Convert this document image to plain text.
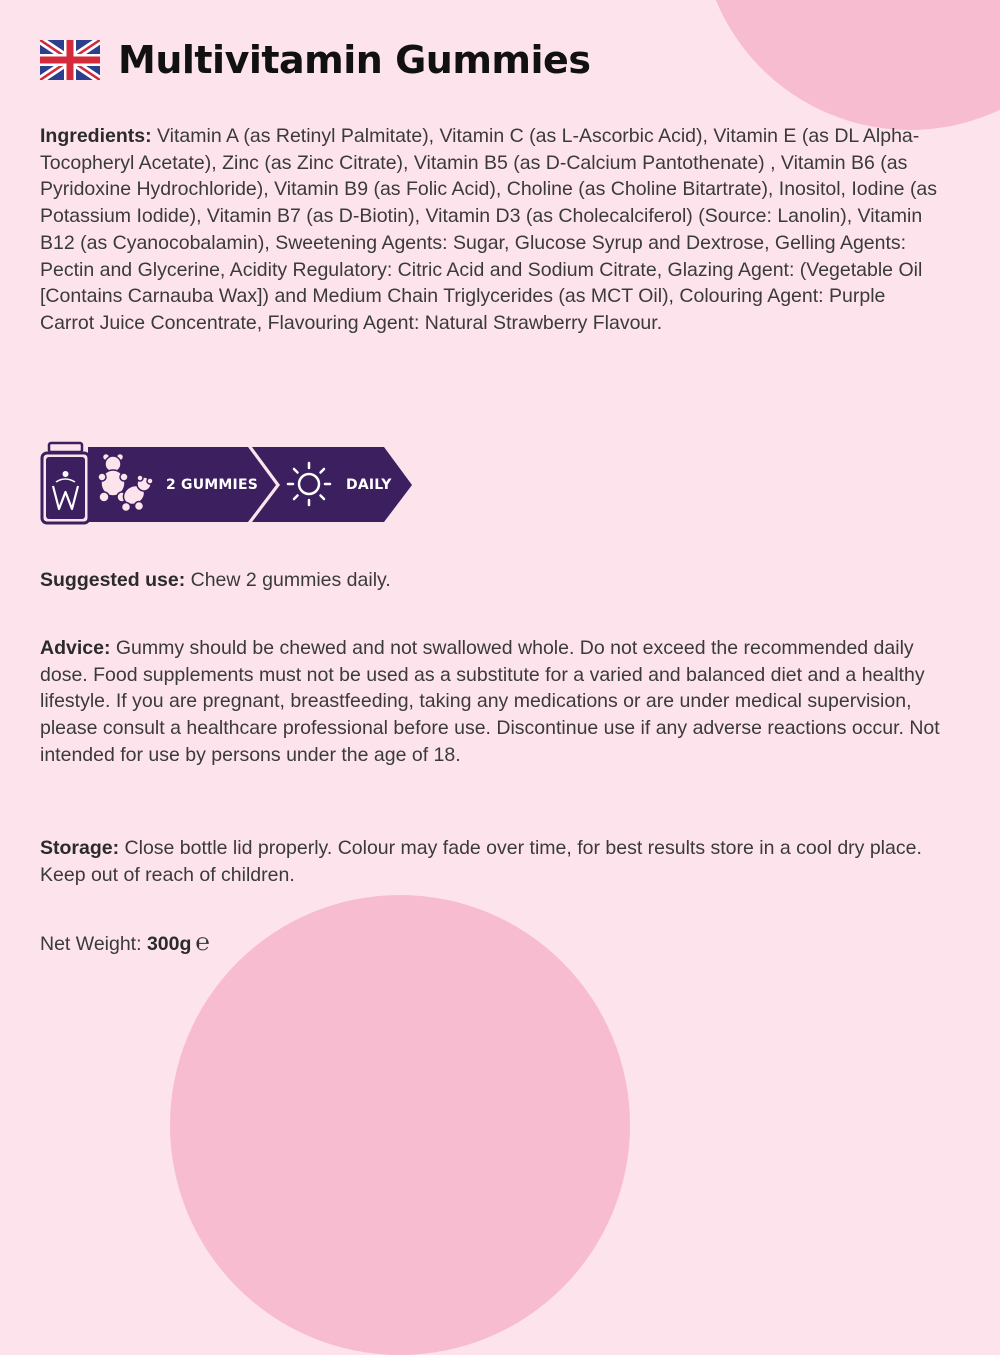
Multivitamin Gummies

Ingredients: Vitamin A (as Retinyl Palmitate), Vitamin C (as L-Ascorbic Acid), Vitamin E (as DL Alpha-Tocopheryl Acetate), Zinc (as Zinc Citrate), Vitamin B5 (as D-Calcium Pantothenate) , Vitamin B6 (as Pyridoxine Hydrochloride), Vitamin B9 (as Folic Acid), Choline (as Choline Bitartrate), Inositol, Iodine (as Potassium Iodide), Vitamin B7 (as D-Biotin), Vitamin D3 (as Cholecalciferol) (Source: Lanolin), Vitamin B12 (as Cyanocobalamin), Sweetening Agents: Sugar, Glucose Syrup and Dextrose, Gelling Agents: Pectin and Glycerine, Acidity Regulatory: Citric Acid and Sodium Citrate, Glazing Agent: (Vegetable Oil [Contains Carnauba Wax]) and Medium Chain Triglycerides (as MCT Oil), Colouring Agent: Purple Carrot Juice Concentrate, Flavouring Agent: Natural Strawberry Flavour.

2 GUMMIES	DAILY

Suggested use: Chew 2 gummies daily.

Advice: Gummy should be chewed and not swallowed whole. Do not exceed the recommended daily dose. Food supplements must not be used as a substitute for a varied and balanced diet and a healthy lifestyle. If you are pregnant, breastfeeding, taking any medications or are under medical supervision, please consult a healthcare professional before use. Discontinue use if any adverse reactions occur. Not intended for use by persons under the age of 18.

Storage: Close bottle lid properly. Colour may fade over time, for best results store in a cool dry place. Keep out of reach of children.

Net Weight: 300g ℮
